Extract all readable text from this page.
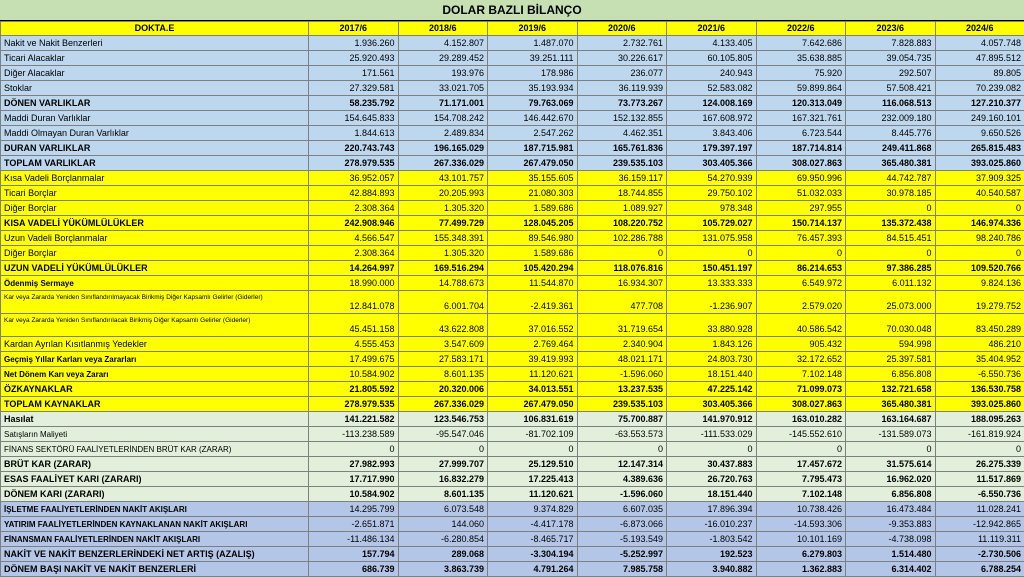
DOLAR BAZLI BİLANÇO
DOKTA.E	2017/6	2018/6	2019/6	2020/6	2021/6	2022/6	2023/6	2024/6
Nakit ve Nakit Benzerleri	1.936.260	4.152.807	1.487.070	2.732.761	4.133.405	7.642.686	7.828.883	4.057.748
Ticari Alacaklar	25.920.493	29.289.452	39.251.111	30.226.617	60.105.805	35.638.885	39.054.735	47.895.512
Diğer Alacaklar	171.561	193.976	178.986	236.077	240.943	75.920	292.507	89.805
Stoklar	27.329.581	33.021.705	35.193.934	36.119.939	52.583.082	59.899.864	57.508.421	70.239.082
DÖNEN VARLIKLAR	58.235.792	71.171.001	79.763.069	73.773.267	124.008.169	120.313.049	116.068.513	127.210.377
Maddi Duran Varlıklar	154.645.833	154.708.242	146.442.670	152.132.855	167.608.972	167.321.761	232.009.180	249.160.101
Maddi Olmayan Duran Varlıklar	1.844.613	2.489.834	2.547.262	4.462.351	3.843.406	6.723.544	8.445.776	9.650.526
DURAN VARLIKLAR	220.743.743	196.165.029	187.715.981	165.761.836	179.397.197	187.714.814	249.411.868	265.815.483
TOPLAM VARLIKLAR	278.979.535	267.336.029	267.479.050	239.535.103	303.405.366	308.027.863	365.480.381	393.025.860
Kısa Vadeli Borçlanmalar	36.952.057	43.101.757	35.155.605	36.159.117	54.270.939	69.950.996	44.742.787	37.909.325
Ticari Borçlar	42.884.893	20.205.993	21.080.303	18.744.855	29.750.102	51.032.033	30.978.185	40.540.587
Diğer Borçlar	2.308.364	1.305.320	1.589.686	1.089.927	978.348	297.955	0	0
KISA VADELİ YÜKÜMLÜLÜKLER	242.908.946	77.499.729	128.045.205	108.220.752	105.729.027	150.714.137	135.372.438	146.974.336
Uzun Vadeli Borçlanmalar	4.566.547	155.348.391	89.546.980	102.286.788	131.075.958	76.457.393	84.515.451	98.240.786
Diğer Borçlar	2.308.364	1.305.320	1.589.686	0	0	0	0	0
UZUN VADELİ YÜKÜMLÜLÜKLER	14.264.997	169.516.294	105.420.294	118.076.816	150.451.197	86.214.653	97.386.285	109.520.766
Ödenmiş Sermaye	18.990.000	14.788.673	11.544.870	16.934.307	13.333.333	6.549.972	6.011.132	9.824.136
Kar veya Zararda Yeniden Sınıflandırılmayacak Birikmiş Diğer Kapsamlı Gelirler (Giderler)	12.841.078	6.001.704	-2.419.361	477.708	-1.236.907	2.579.020	25.073.000	19.279.752
Kar veya Zararda Yeniden Sınıflandırılacak Birikmiş Diğer Kapsamlı Gelirler (Giderler)	45.451.158	43.622.808	37.016.552	31.719.654	33.880.928	40.586.542	70.030.048	83.450.289
Kardan Ayrılan Kısıtlanmış Yedekler	4.555.453	3.547.609	2.769.464	2.340.904	1.843.126	905.432	594.998	486.210
Geçmiş Yıllar Karları veya Zararları	17.499.675	27.583.171	39.419.993	48.021.171	24.803.730	32.172.652	25.397.581	35.404.952
Net Dönem Karı veya Zararı	10.584.902	8.601.135	11.120.621	-1.596.060	18.151.440	7.102.148	6.856.808	-6.550.736
ÖZKAYNAKLAR	21.805.592	20.320.006	34.013.551	13.237.535	47.225.142	71.099.073	132.721.658	136.530.758
TOPLAM KAYNAKLAR	278.979.535	267.336.029	267.479.050	239.535.103	303.405.366	308.027.863	365.480.381	393.025.860
Hasılat	141.221.582	123.546.753	106.831.619	75.700.887	141.970.912	163.010.282	163.164.687	188.095.263
Satışların Maliyeti	-113.238.589	-95.547.046	-81.702.109	-63.553.573	-111.533.029	-145.552.610	-131.589.073	-161.819.924
FİNANS SEKTÖRÜ FAALİYETLERİNDEN BRÜT KAR (ZARAR)	0	0	0	0	0	0	0	0
BRÜT KAR (ZARAR)	27.982.993	27.999.707	25.129.510	12.147.314	30.437.883	17.457.672	31.575.614	26.275.339
ESAS FAALİYET KARI (ZARARI)	17.717.990	16.832.279	17.225.413	4.389.636	26.720.763	7.795.473	16.962.020	11.517.869
DÖNEM KARI (ZARARI)	10.584.902	8.601.135	11.120.621	-1.596.060	18.151.440	7.102.148	6.856.808	-6.550.736
İŞLETME FAALİYETLERİNDEN NAKİT AKIŞLARI	14.295.799	6.073.548	9.374.829	6.607.035	17.896.394	10.738.426	16.473.484	11.028.241
YATIRIM FAALİYETLERİNDEN KAYNAKLANAN NAKİT AKIŞLARI	-2.651.871	144.060	-4.417.178	-6.873.066	-16.010.237	-14.593.306	-9.353.883	-12.942.865
FİNANSMAN FAALİYETLERİNDEN NAKİT AKIŞLARI	-11.486.134	-6.280.854	-8.465.717	-5.193.549	-1.803.542	10.101.169	-4.738.098	11.119.311
NAKİT VE NAKİT BENZERLERİNDEKİ NET ARTIŞ (AZALIŞ)	157.794	289.068	-3.304.194	-5.252.997	192.523	6.279.803	1.514.480	-2.730.506
DÖNEM BAŞI NAKİT VE NAKİT BENZERLERİ	686.739	3.863.739	4.791.264	7.985.758	3.940.882	1.362.883	6.314.402	6.788.254
